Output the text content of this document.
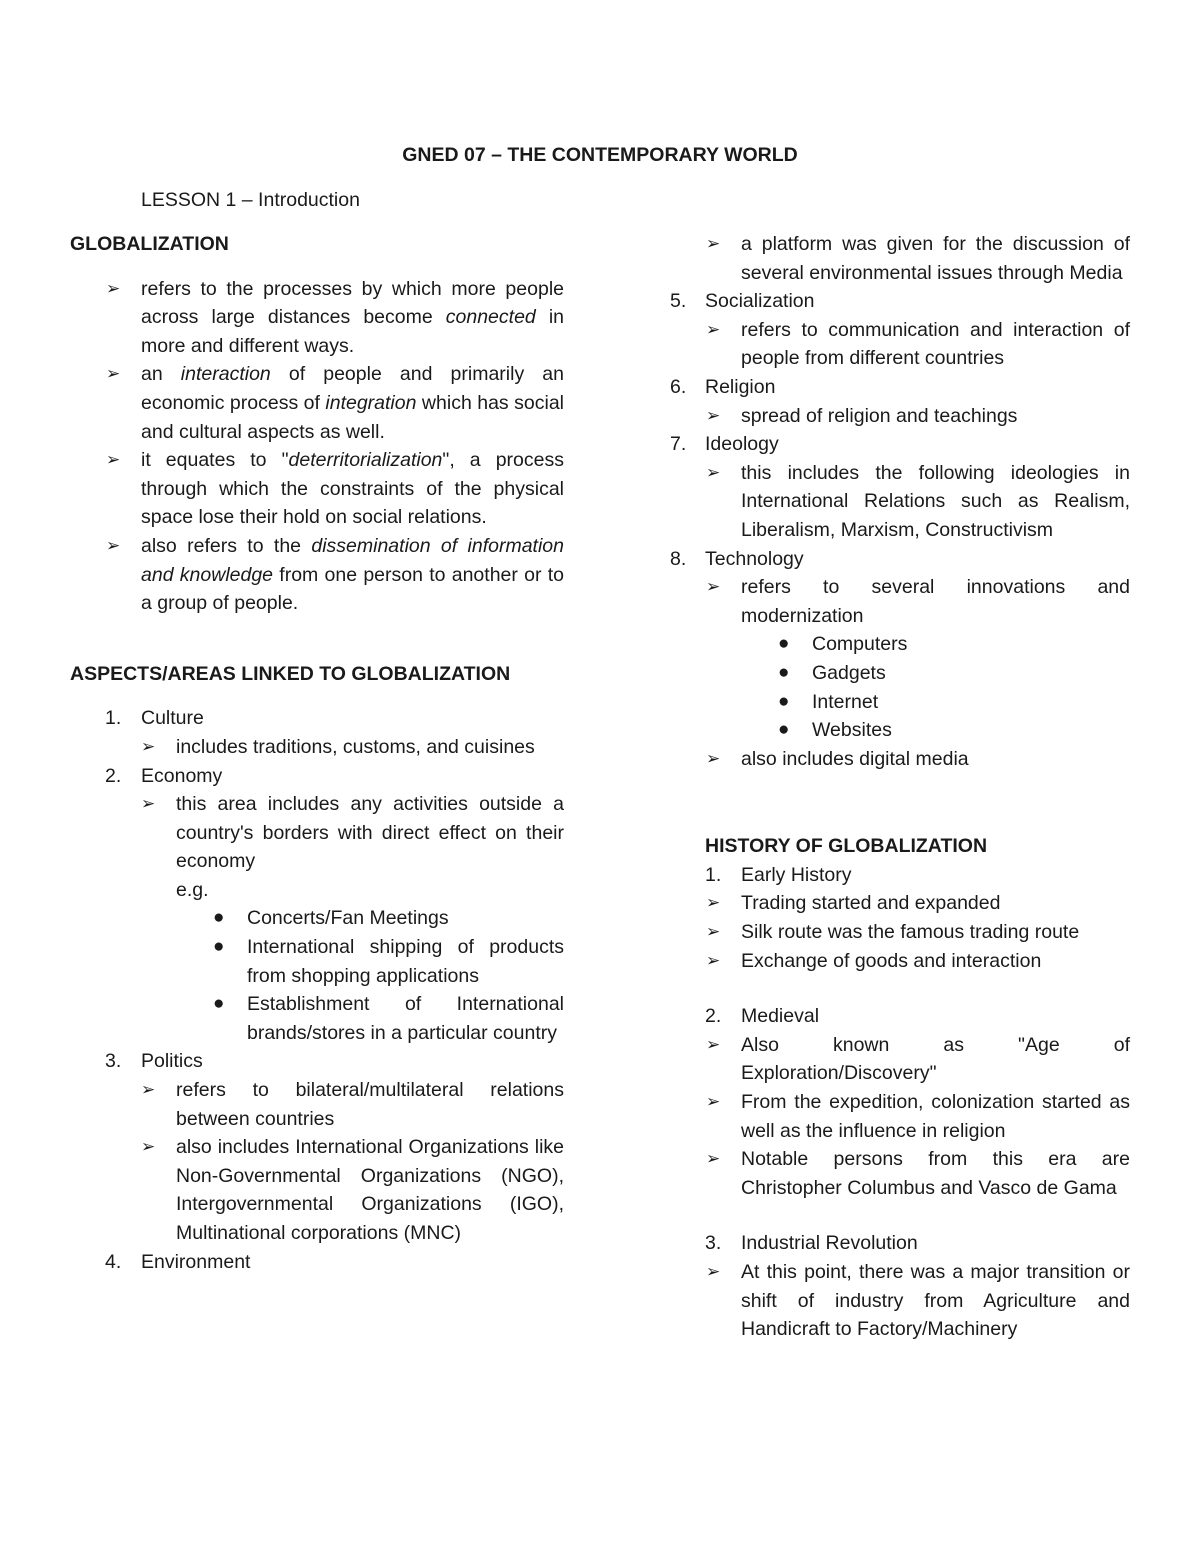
GNED 07 – THE CONTEMPORARY WORLD
LESSON 1 – Introduction
GLOBALIZATION
➢ refers to the processes by which more people across large distances become connected in more and different ways.
➢ an interaction of people and primarily an economic process of integration which has social and cultural aspects as well.
➢ it equates to "deterritorialization", a process through which the constraints of the physical space lose their hold on social relations.
➢ also refers to the dissemination of information and knowledge from one person to another or to a group of people.
ASPECTS/AREAS LINKED TO GLOBALIZATION
1. Culture
➢ includes traditions, customs, and cuisines
2. Economy
➢ this area includes any activities outside a country's borders with direct effect on their economy
e.g.
● Concerts/Fan Meetings
● International shipping of products from shopping applications
● Establishment of International brands/stores in a particular country
3. Politics
➢ refers to bilateral/multilateral relations between countries
➢ also includes International Organizations like Non-Governmental Organizations (NGO), Intergovernmental Organizations (IGO), Multinational corporations (MNC)
4. Environment
➢ a platform was given for the discussion of several environmental issues through Media
5. Socialization
➢ refers to communication and interaction of people from different countries
6. Religion
➢ spread of religion and teachings
7. Ideology
➢ this includes the following ideologies in International Relations such as Realism, Liberalism, Marxism, Constructivism
8. Technology
➢ refers to several innovations and modernization
● Computers
● Gadgets
● Internet
● Websites
➢ also includes digital media
HISTORY OF GLOBALIZATION
1. Early History
➢ Trading started and expanded
➢ Silk route was the famous trading route
➢ Exchange of goods and interaction
2. Medieval
➢ Also known as "Age of Exploration/Discovery"
➢ From the expedition, colonization started as well as the influence in religion
➢ Notable persons from this era are Christopher Columbus and Vasco de Gama
3. Industrial Revolution
➢ At this point, there was a major transition or shift of industry from Agriculture and Handicraft to Factory/Machinery
